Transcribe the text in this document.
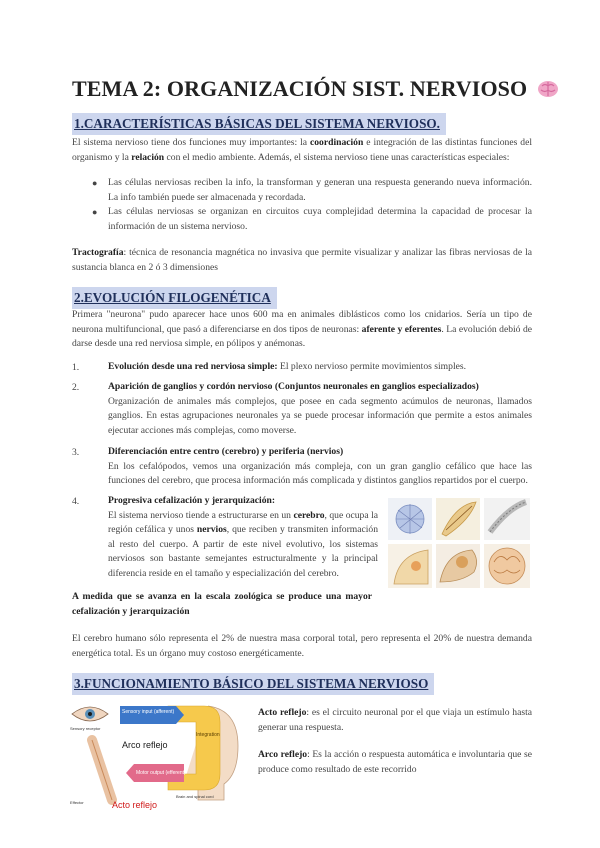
TEMA 2: ORGANIZACIÓN SIST. NERVIOSO
1.CARACTERÍSTICAS BÁSICAS DEL SISTEMA NERVIOSO.
El sistema nervioso tiene dos funciones muy importantes: la coordinación e integración de las distintas funciones del organismo y la relación con el medio ambiente. Además, el sistema nervioso tiene unas características especiales:
● Las células nerviosas reciben la info, la transforman y generan una respuesta generando nueva información. La info también puede ser almacenada y recordada.
● Las células nerviosas se organizan en circuitos cuya complejidad determina la capacidad de procesar la información de un sistema nervioso.
Tractografía: técnica de resonancia magnética no invasiva que permite visualizar y analizar las fibras nerviosas de la sustancia blanca en 2 ó 3 dimensiones
2.EVOLUCIÓN FILOGENÉTICA
Primera "neurona" pudo aparecer hace unos 600 ma en animales diblásticos como los cnidarios. Sería un tipo de neurona multifuncional, que pasó a diferenciarse en dos tipos de neuronas: aferente y eferentes. La evolución debió de darse desde una red nerviosa simple, en pólipos y anémonas.
1.	Evolución desde una red nerviosa simple: El plexo nervioso permite movimientos simples.
2.	Aparición de ganglios y cordón nervioso (Conjuntos neuronales en ganglios especializados)
Organización de animales más complejos, que posee en cada segmento acúmulos de neuronas, llamados ganglios. En estas agrupaciones neuronales ya se puede procesar información que permite a estos animales ejecutar acciones más complejas, como moverse.
3.	Diferenciación entre centro (cerebro) y periferia (nervios)
En los cefalópodos, vemos una organización más compleja, con un gran ganglio cefálico que hace las funciones del cerebro, que procesa información más complicada y distintos ganglios repartidos por el cuerpo.
4.	Progresiva cefalización y jerarquización:
El sistema nervioso tiende a estructurarse en un cerebro, que ocupa la región cefálica y unos nervios, que reciben y transmiten información al resto del cuerpo. A partir de este nivel evolutivo, los sistemas nerviosos son bastante semejantes estructuralmente y la principal diferencia reside en el tamaño y especialización del cerebro.
A medida que se avanza en la escala zoológica se produce una mayor cefalización y jerarquización
El cerebro humano sólo representa el 2% de nuestra masa corporal total, pero representa el 20% de nuestra demanda energética total. Es un órgano muy costoso energéticamente.
3.FUNCIONAMIENTO BÁSICO DEL SISTEMA NERVIOSO
Sensory input (afferent)
Integration
Motor output (efferent)
Arco reflejo
Acto reflejo
Sensory receptor
Brain and spinal cord
Effector
Acto reflejo: es el circuito neuronal por el que viaja un estímulo hasta generar una respuesta.
Arco reflejo: Es la acción o respuesta automática e involuntaria que se produce como resultado de este recorrido
